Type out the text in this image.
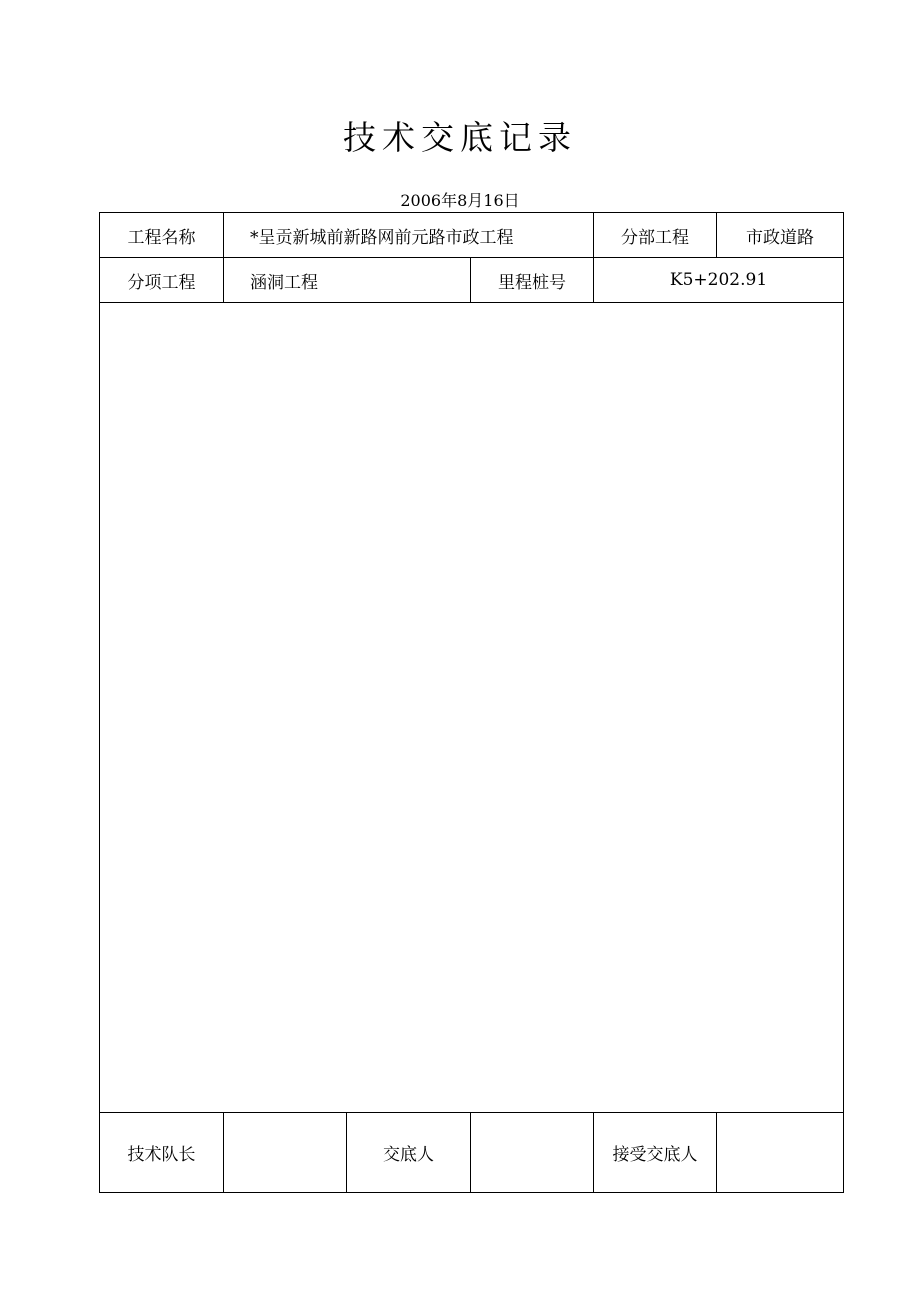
技术交底记录
2006年8月16日
工程名称	*呈贡新城前新路网前元路市政工程			分部工程	市政道路
分项工程	涵洞工程		里程桩号	K5+202.91	

技术队长		交底人		接受交底人	
